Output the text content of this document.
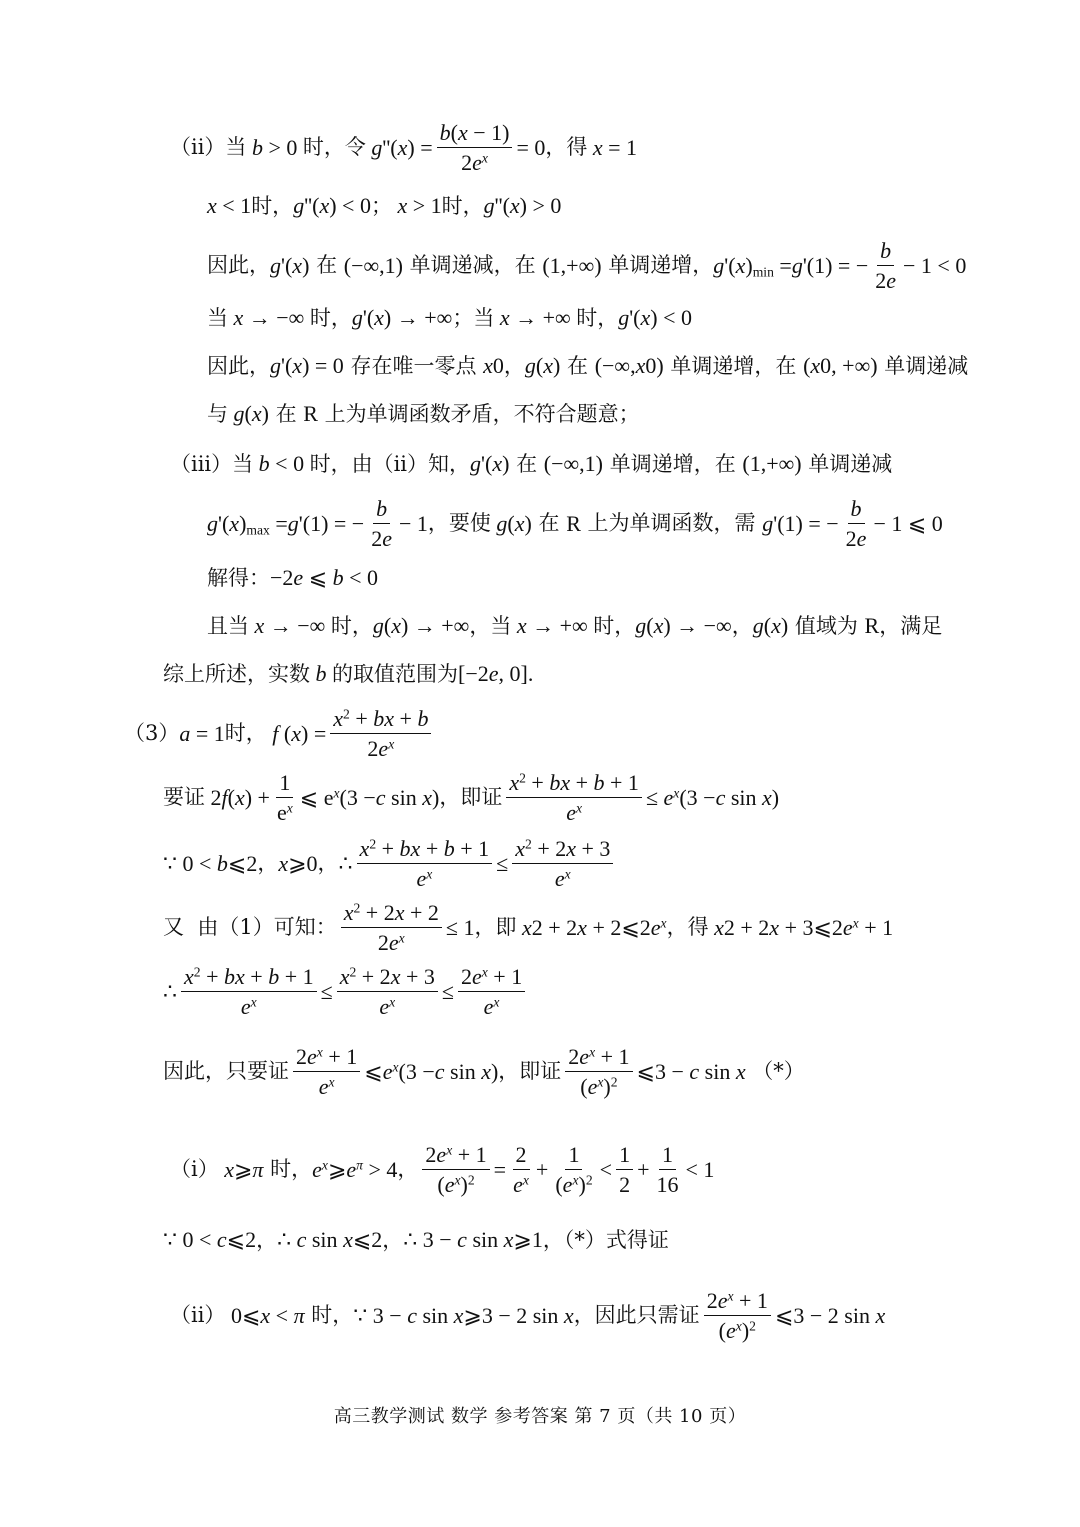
（ii）当 b > 0 时，令 g ''( x ) = $\frac{b(x - 1)}{2e^x} = 0$ ，得 x = 1
x < 1 时， g ''( x ) < 0 ； x > 1 时， g ''( x ) > 0
因此， g '( x ) 在 (−∞,1) 单调递减，在 (1,+∞) 单调递增， g '( x )$_{min} = g$ '(1) = − $\frac{b}{2e} - 1 < 0$
当 x → −∞ 时， g '( x ) → +∞ ；当 x → +∞ 时， g '( x ) < 0
因此， g '( x ) = 0 存在唯一零点 x 0 ， g ( x ) 在 (−∞, x 0 ) 单调递增，在 ( x 0 , +∞) 单调递减
与 g ( x ) 在 R 上为单调函数矛盾，不符合题意；
（iii）当 b < 0 时，由（ii）知， g '( x ) 在 (−∞,1) 单调递增，在 (1,+∞) 单调递减
g '( x )$_{max} = g$ '(1) = − $\frac{b}{2e} - 1$ ，要使 g ( x ) 在 R 上为单调函数，需 g '(1) = − $\frac{b}{2e} - 1$ ⩽ 0
解得： −2 e ⩽ b < 0
且当 x → −∞ 时， g ( x ) → +∞ ，当 x → +∞ 时， g ( x ) → −∞ ， g ( x ) 值域为 R ，满足
综上所述，实数 b 的取值范围为 [−2 e , 0].
（3） a = 1 时， f ( x ) = $\frac{x^2 + bx + b}{2e^x}$
要证 2 f ( x ) + $\frac{1}{e^x}$ ⩽ $e^x(3 - c$ sin x ) ，即证 $\frac{x^2 + bx + b + 1}{e^x} \le e^x$ (3 − c sin x )
∵ 0 < b ⩽2 ， x ⩾0 ， ∴ $\frac{x^2 + bx + b + 1}{e^x} \le \frac{x^2 + 2x + 3}{e^x}$
又  由（1）可知： $\frac{x^2 + 2x + 2}{2e^x} \le 1$ ，即 x 2 + 2 x + 2⩽2 $e^x$ ，得 x 2 + 2 x + 3⩽2 $e^x + 1$
∴ $\frac{x^2 + bx + b + 1}{e^x} \le \frac{x^2 + 2x + 3}{e^x} \le \frac{2e^x + 1}{e^x}$
因此，只要证 $\frac{2e^x + 1}{e^x}$ ⩽ $e^x$ (3 − c sin x ) ，即证 $\frac{2e^x + 1}{(e^x)^2}$ ⩽3 − c sin x （*）
（i） x ⩾ π 时， $e^x$ ⩾ $e^\pi > 4$ ， $\frac{2e^x + 1}{(e^x)^2} = \frac{2}{e^x} + \frac{1}{(e^x)^2} < \frac{1}{2} + \frac{1}{16} < 1$
∵ 0 < c ⩽2 ， ∴ c sin x ⩽2 ， ∴ 3 − c sin x ⩾1 ，（*）式得证
（ii） 0⩽ x < π 时， ∵ 3 − c sin x ⩾3 − 2 sin x ，因此只需证 $\frac{2e^x + 1}{(e^x)^2}$ ⩽3 − 2 sin x
高三教学测试 数学 参考答案 第 7 页（共 10 页）
